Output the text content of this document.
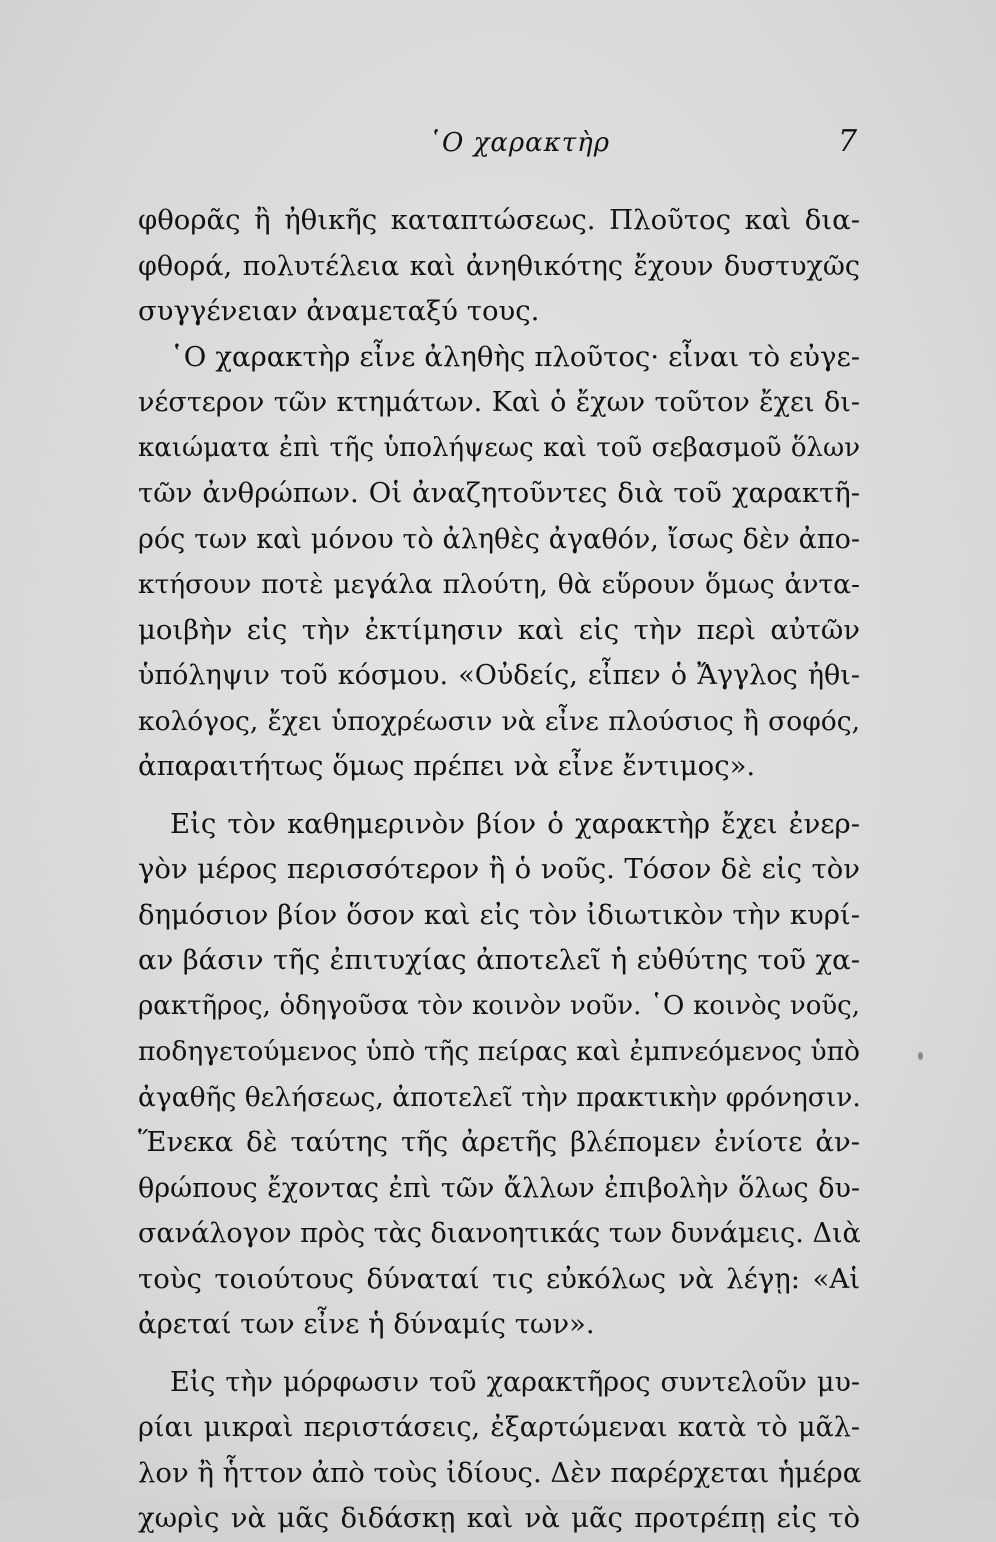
῾Ο χαρακτὴρ	7
φθορᾶς ἢ ἠθικῆς καταπτώσεως. Πλοῦτος καὶ δια-
φθορά, πολυτέλεια καὶ ἀνηθικότης ἔχουν δυστυχῶς
συγγένειαν ἀναμεταξύ τους.
῾Ο χαρακτὴρ εἶνε ἀληθὴς πλοῦτος· εἶναι τὸ εὐγε-
νέστερον τῶν κτημάτων. Καὶ ὁ ἔχων τοῦτον ἔχει δι-
καιώματα ἐπὶ τῆς ὑπολήψεως καὶ τοῦ σεβασμοῦ ὅλων
τῶν ἀνθρώπων. Οἱ ἀναζητοῦντες διὰ τοῦ χαρακτῆ-
ρός των καὶ μόνου τὸ ἀληθὲς ἀγαθόν, ἴσως δὲν ἀπο-
κτήσουν ποτὲ μεγάλα πλούτη, θὰ εὕρουν ὅμως ἀντα-
μοιβὴν εἰς τὴν ἐκτίμησιν καὶ εἰς τὴν περὶ αὐτῶν
ὑπόληψιν τοῦ κόσμου. «Οὐδείς, εἶπεν ὁ Ἄγγλος ἠθι-
κολόγος, ἔχει ὑποχρέωσιν νὰ εἶνε πλούσιος ἢ σοφός,
ἀπαραιτήτως ὅμως πρέπει νὰ εἶνε ἔντιμος».
Εἰς τὸν καθημερινὸν βίον ὁ χαρακτὴρ ἔχει ἐνερ-
γὸν μέρος περισσότερον ἢ ὁ νοῦς. Τόσον δὲ εἰς τὸν
δημόσιον βίον ὅσον καὶ εἰς τὸν ἰδιωτικὸν τὴν κυρί-
αν βάσιν τῆς ἐπιτυχίας ἀποτελεῖ ἡ εὐθύτης τοῦ χα-
ρακτῆρος, ὁδηγοῦσα τὸν κοινὸν νοῦν. ῾Ο κοινὸς νοῦς,
ποδηγετούμενος ὑπὸ τῆς πείρας καὶ ἐμπνεόμενος ὑπὸ
ἀγαθῆς θελήσεως, ἀποτελεῖ τὴν πρακτικὴν φρόνησιν.
Ἕνεκα δὲ ταύτης τῆς ἀρετῆς βλέπομεν ἐνίοτε ἀν-
θρώπους ἔχοντας ἐπὶ τῶν ἄλλων ἐπιβολὴν ὅλως δυ-
σανάλογον πρὸς τὰς διανοητικάς των δυνάμεις. Διὰ
τοὺς τοιούτους δύναταί τις εὐκόλως νὰ λέγῃ: «Αἱ
ἀρεταί των εἶνε ἡ δύναμίς των».
Εἰς τὴν μόρφωσιν τοῦ χαρακτῆρος συντελοῦν μυ-
ρίαι μικραὶ περιστάσεις, ἐξαρτώμεναι κατὰ τὸ μᾶλ-
λον ἢ ἧττον ἀπὸ τοὺς ἰδίους. Δὲν παρέρχεται ἡμέρα
χωρὶς νὰ μᾶς διδάσκῃ καὶ νὰ μᾶς προτρέπῃ εἰς τὸ
